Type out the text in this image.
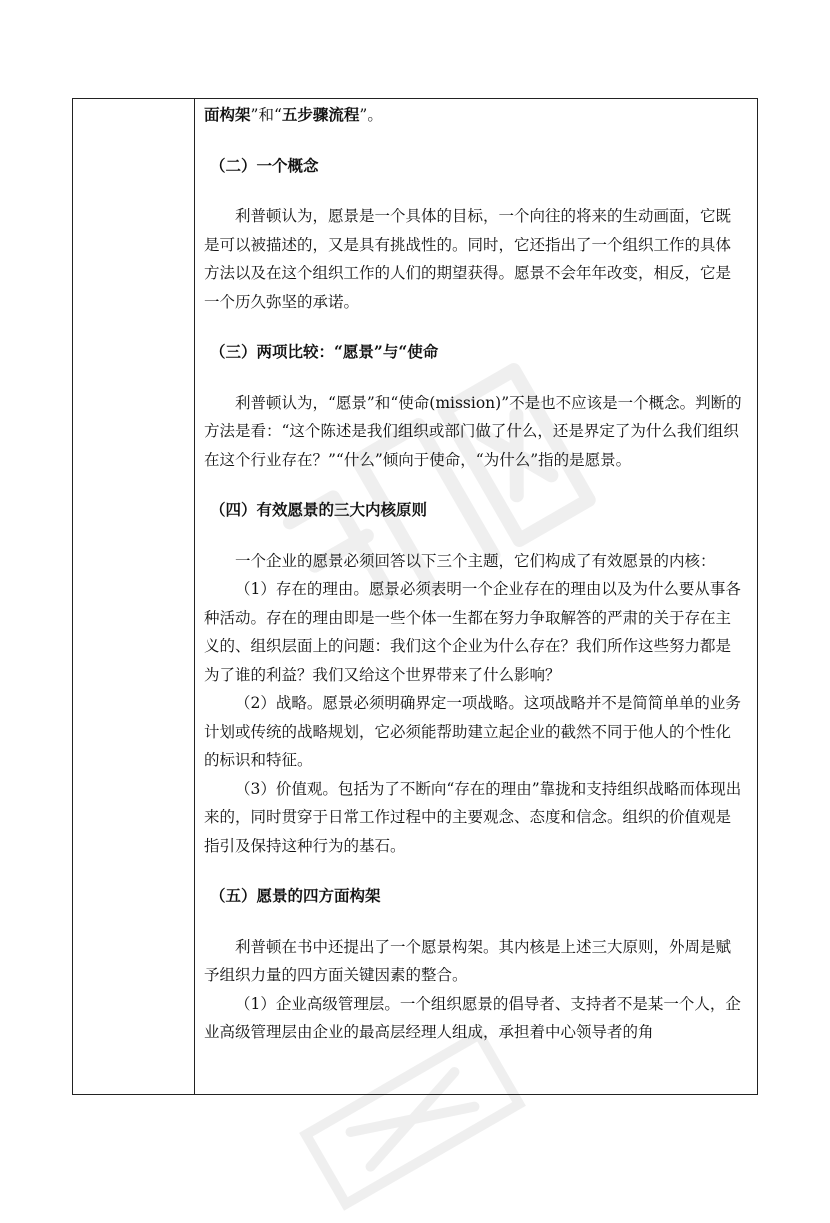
面构架”和“五步骤流程”。

（二）一个概念

利普顿认为，愿景是一个具体的目标，一个向往的将来的生动画面，它既是可以被描述的，又是具有挑战性的。同时，它还指出了一个组织工作的具体方法以及在这个组织工作的人们的期望获得。愿景不会年年改变，相反，它是一个历久弥坚的承诺。

（三）两项比较：“愿景”与“使命

利普顿认为，“愿景”和“使命(mission)”不是也不应该是一个概念。判断的方法是看：“这个陈述是我们组织或部门做了什么，还是界定了为什么我们组织在这个行业存在？”“什么”倾向于使命，“为什么”指的是愿景。

（四）有效愿景的三大内核原则

一个企业的愿景必须回答以下三个主题，它们构成了有效愿景的内核：

（1）存在的理由。愿景必须表明一个企业存在的理由以及为什么要从事各种活动。存在的理由即是一些个体一生都在努力争取解答的严肃的关于存在主义的、组织层面上的问题：我们这个企业为什么存在？我们所作这些努力都是为了谁的利益？我们又给这个世界带来了什么影响？

（2）战略。愿景必须明确界定一项战略。这项战略并不是简简单单的业务计划或传统的战略规划，它必须能帮助建立起企业的截然不同于他人的个性化的标识和特征。

（3）价值观。包括为了不断向“存在的理由”靠拢和支持组织战略而体现出来的，同时贯穿于日常工作过程中的主要观念、态度和信念。组织的价值观是指引及保持这种行为的基石。

（五）愿景的四方面构架

利普顿在书中还提出了一个愿景构架。其内核是上述三大原则，外周是赋予组织力量的四方面关键因素的整合。

（1）企业高级管理层。一个组织愿景的倡导者、支持者不是某一个人，企业高级管理层由企业的最高层经理人组成，承担着中心领导者的角
